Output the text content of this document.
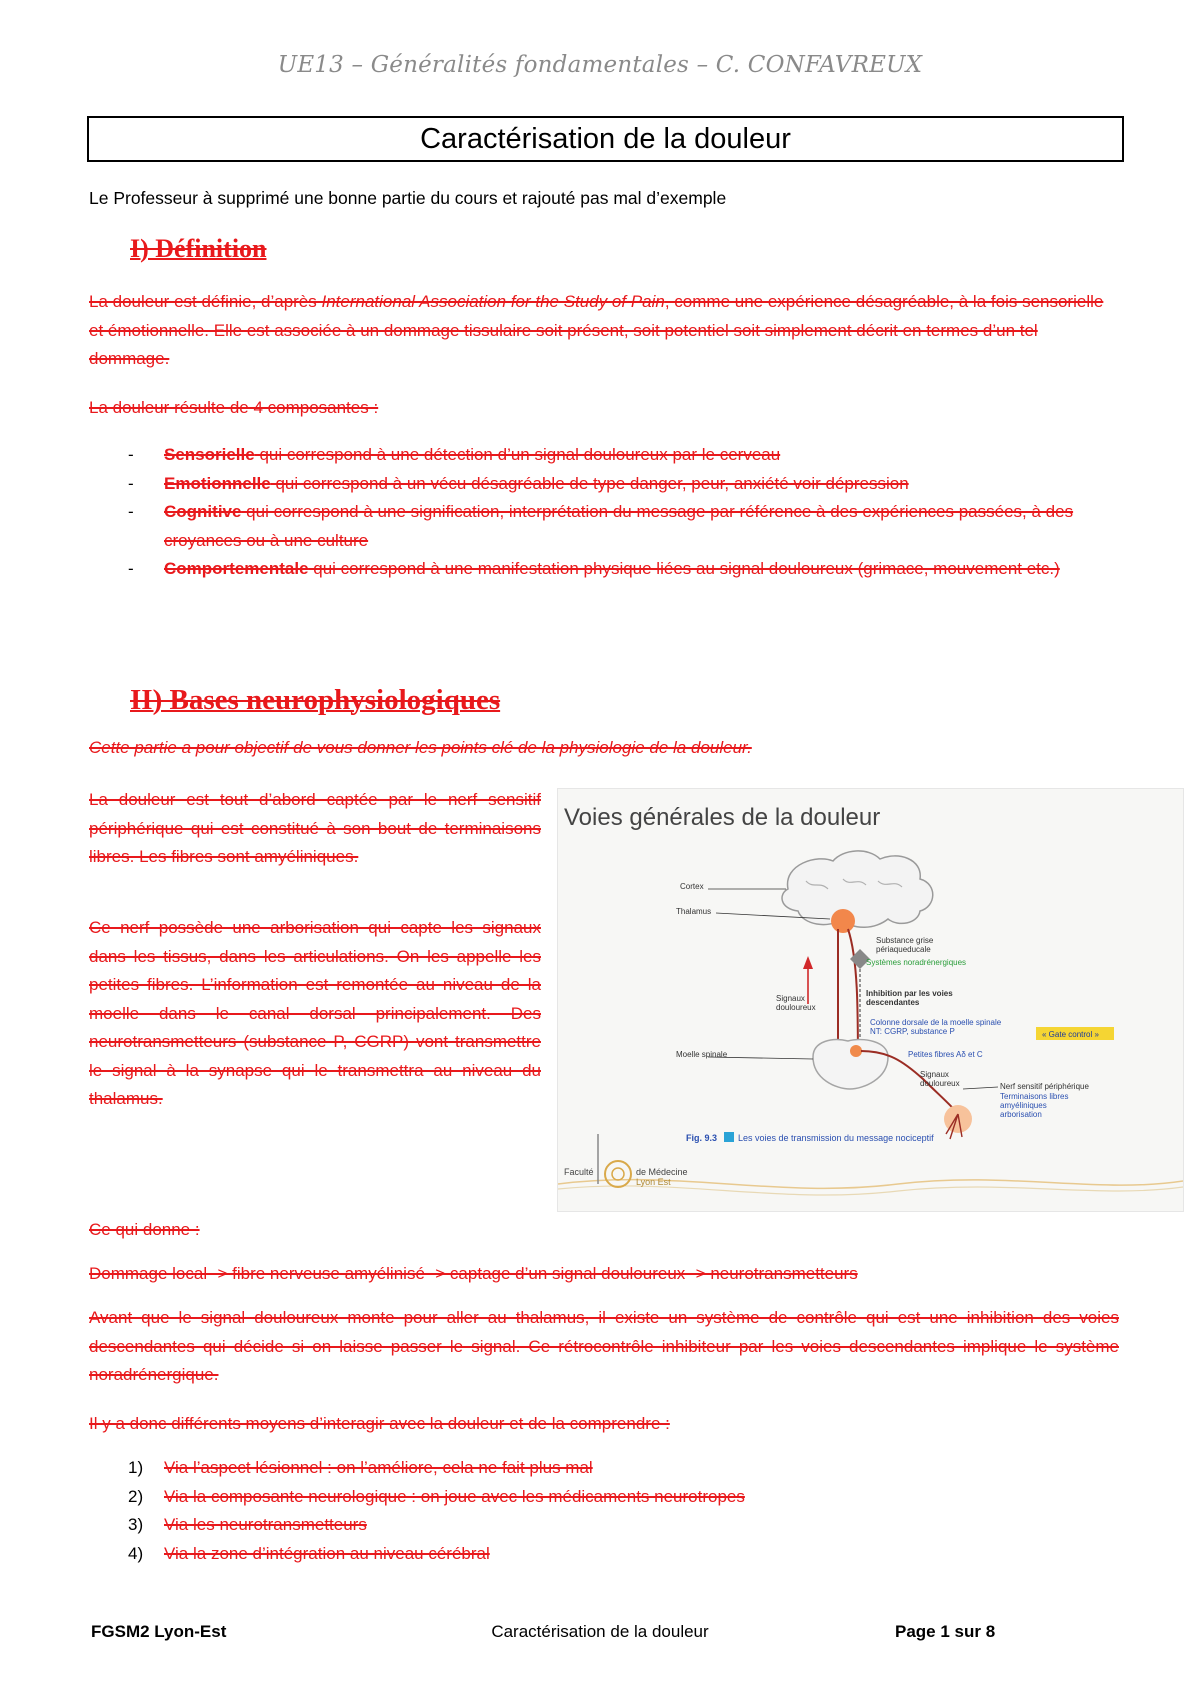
UE13 – Généralités fondamentales – C. CONFAVREUX
Caractérisation de la douleur
Le Professeur à supprimé une bonne partie du cours et rajouté pas mal d’exemple
I) Définition
La douleur est définie, d’après International Association for the Study of Pain, comme une expérience désagréable, à la fois sensorielle et émotionnelle. Elle est associée à un dommage tissulaire soit présent, soit potentiel soit simplement décrit en termes d’un tel dommage.
La douleur résulte de 4 composantes :
- Sensorielle qui correspond à une détection d’un signal douloureux par le cerveau
- Emotionnelle qui correspond à un vécu désagréable de type danger, peur, anxiété voir dépression
- Cognitive qui correspond à une signification, interprétation du message par référence à des expériences passées, à des croyances ou à une culture
- Comportementale qui correspond à une manifestation physique liées au signal douloureux (grimace, mouvement etc.)
II) Bases neurophysiologiques
Cette partie a pour objectif de vous donner les points clé de la physiologie de la douleur.
La douleur est tout d’abord captée par le nerf sensitif périphérique qui est constitué à son bout de terminaisons libres. Les fibres sont amyéliniques.
Ce nerf possède une arborisation qui capte les signaux dans les tissus, dans les articulations. On les appelle les petites fibres. L’information est remontée au niveau de la moelle dans le canal dorsal principalement. Des neurotransmetteurs (substance P, CGRP) vont transmettre le signal à la synapse qui le transmettra au niveau du thalamus.
Voies générales de la douleur
Cortex
Thalamus
Substance grise
périaqueducale
Systèmes noradrénergiques
Signaux
douloureux
Inhibition par les voies
descendantes
Colonne dorsale de la moelle spinale
NT: CGRP, substance P	« Gate control »
Petites fibres Aδ et C
Signaux
douloureux
Moelle spinale
Nerf sensitif périphérique
Terminaisons libres
amyéliniques
arborisation
Fig. 9.3 Les voies de transmission du message nociceptif
Faculté	de Médecine
Lyon Est
Ce qui donne :
Dommage local -> fibre nerveuse amyélinisé -> captage d’un signal douloureux -> neurotransmetteurs
Avant que le signal douloureux monte pour aller au thalamus, il existe un système de contrôle qui est une inhibition des voies descendantes qui décide si on laisse passer le signal. Ce rétrocontrôle inhibiteur par les voies descendantes implique le système noradrénergique.
Il y a donc différents moyens d’interagir avec la douleur et de la comprendre :
1) Via l’aspect lésionnel : on l’améliore, cela ne fait plus mal
2) Via la composante neurologique : on joue avec les médicaments neurotropes
3) Via les neurotransmetteurs
4) Via la zone d’intégration au niveau cérébral
FGSM2 Lyon-Est	Caractérisation de la douleur	Page 1 sur 8
